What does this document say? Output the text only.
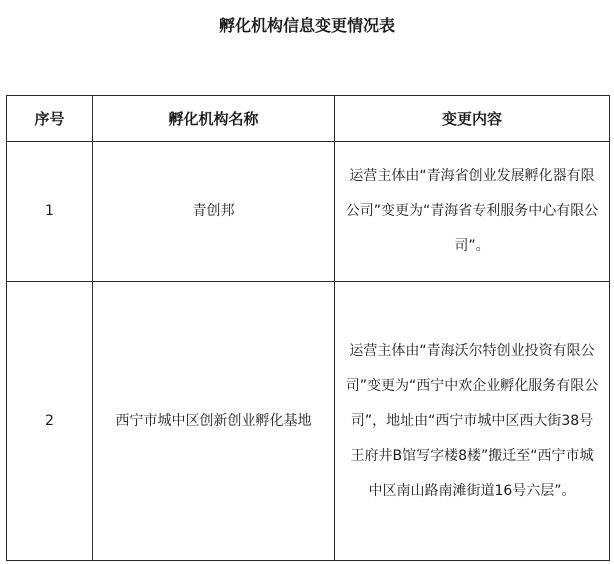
孵化机构信息变更情况表
序号	孵化机构名称	变更内容
1	青创邦	运营主体由“青海省创业发展孵化器有限公司”变更为“青海省专利服务中心有限公司”。
2	西宁市城中区创新创业孵化基地	运营主体由“青海沃尔特创业投资有限公司”变更为“西宁中欢企业孵化服务有限公司”，地址由“西宁市城中区西大街38号王府井B馆写字楼8楼”搬迁至“西宁市城中区南山路南滩街道16号六层”。
